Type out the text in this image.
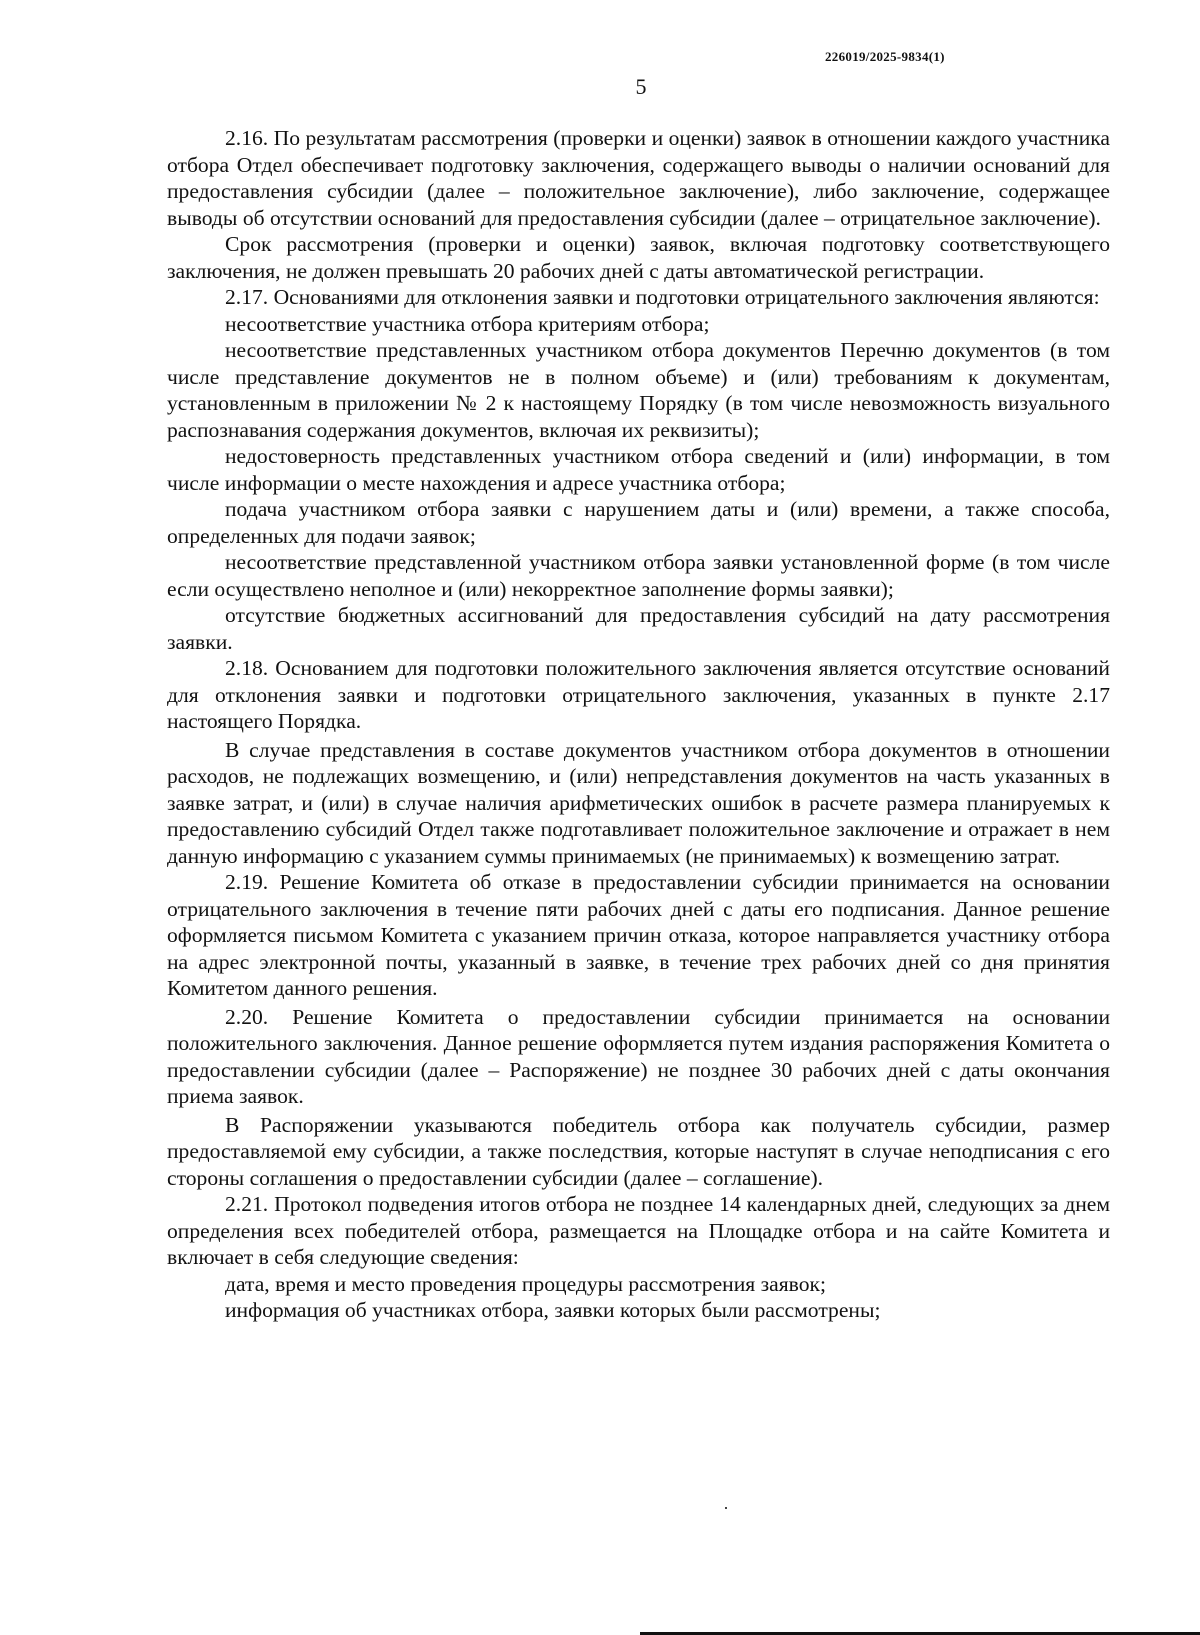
226019/2025-9834(1)
5

2.16. По результатам рассмотрения (проверки и оценки) заявок в отношении каждого участника отбора Отдел обеспечивает подготовку заключения, содержащего выводы о наличии оснований для предоставления субсидии (далее – положительное заключение), либо заключение, содержащее выводы об отсутствии оснований для предоставления субсидии (далее – отрицательное заключение).

Срок рассмотрения (проверки и оценки) заявок, включая подготовку соответствующего заключения, не должен превышать 20 рабочих дней с даты автоматической регистрации.

2.17. Основаниями для отклонения заявки и подготовки отрицательного заключения являются:

несоответствие участника отбора критериям отбора;

несоответствие представленных участником отбора документов Перечню документов (в том числе представление документов не в полном объеме) и (или) требованиям к документам, установленным в приложении № 2 к настоящему Порядку (в том числе невозможность визуального распознавания содержания документов, включая их реквизиты);

недостоверность представленных участником отбора сведений и (или) информации, в том числе информации о месте нахождения и адресе участника отбора;

подача участником отбора заявки с нарушением даты и (или) времени, а также способа, определенных для подачи заявок;

несоответствие представленной участником отбора заявки установленной форме (в том числе если осуществлено неполное и (или) некорректное заполнение формы заявки);

отсутствие бюджетных ассигнований для предоставления субсидий на дату рассмотрения заявки.

2.18. Основанием для подготовки положительного заключения является отсутствие оснований для отклонения заявки и подготовки отрицательного заключения, указанных в пункте 2.17 настоящего Порядка.

В случае представления в составе документов участником отбора документов в отношении расходов, не подлежащих возмещению, и (или) непредставления документов на часть указанных в заявке затрат, и (или) в случае наличия арифметических ошибок в расчете размера планируемых к предоставлению субсидий Отдел также подготавливает положительное заключение и отражает в нем данную информацию с указанием суммы принимаемых (не принимаемых) к возмещению затрат.

2.19. Решение Комитета об отказе в предоставлении субсидии принимается на основании отрицательного заключения в течение пяти рабочих дней с даты его подписания. Данное решение оформляется письмом Комитета с указанием причин отказа, которое направляется участнику отбора на адрес электронной почты, указанный в заявке, в течение трех рабочих дней со дня принятия Комитетом данного решения.

2.20. Решение Комитета о предоставлении субсидии принимается на основании положительного заключения. Данное решение оформляется путем издания распоряжения Комитета о предоставлении субсидии (далее – Распоряжение) не позднее 30 рабочих дней с даты окончания приема заявок.

В Распоряжении указываются победитель отбора как получатель субсидии, размер предоставляемой ему субсидии, а также последствия, которые наступят в случае неподписания с его стороны соглашения о предоставлении субсидии (далее – соглашение).

2.21. Протокол подведения итогов отбора не позднее 14 календарных дней, следующих за днем определения всех победителей отбора, размещается на Площадке отбора и на сайте Комитета и включает в себя следующие сведения:

дата, время и место проведения процедуры рассмотрения заявок;

информация об участниках отбора, заявки которых были рассмотрены;
